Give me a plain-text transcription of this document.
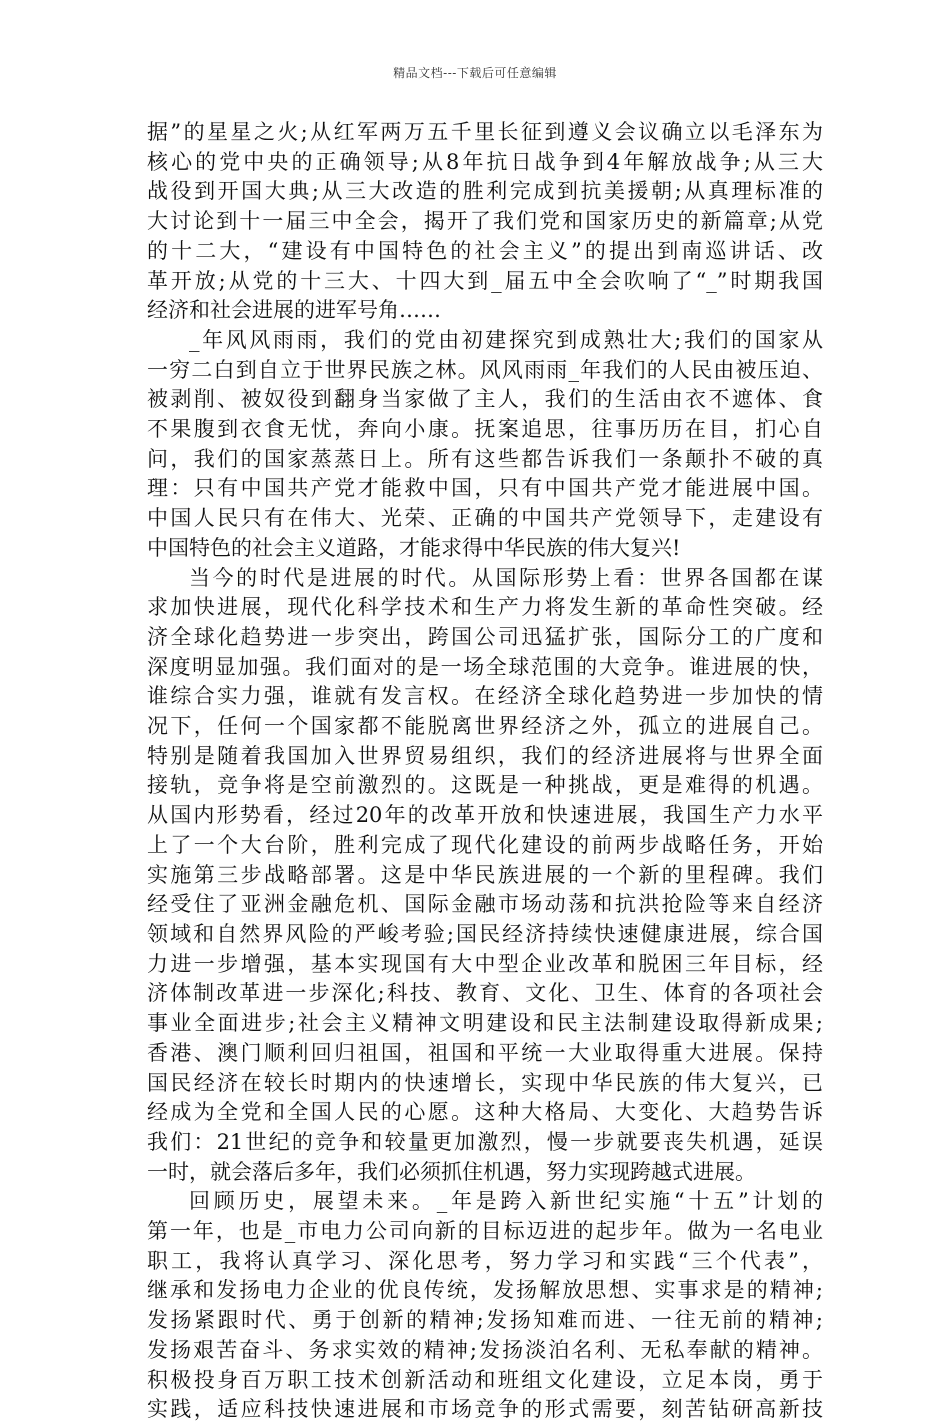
精品文档---下载后可任意编辑
据”的星星之火;从红军两万五千里长征到遵义会议确立以毛泽东为
核心的党中央的正确领导;从8年抗日战争到4年解放战争;从三大
战役到开国大典;从三大改造的胜利完成到抗美援朝;从真理标准的
大讨论到十一届三中全会，揭开了我们党和国家历史的新篇章;从党
的十二大，“建设有中国特色的社会主义”的提出到南巡讲话、改
革开放;从党的十三大、十四大到_届五中全会吹响了“_”时期我国
经济和社会进展的进军号角……
_年风风雨雨，我们的党由初建探究到成熟壮大;我们的国家从
一穷二白到自立于世界民族之林。风风雨雨_年我们的人民由被压迫、
被剥削、被奴役到翻身当家做了主人，我们的生活由衣不遮体、食
不果腹到衣食无忧，奔向小康。抚案追思，往事历历在目，扪心自
问，我们的国家蒸蒸日上。所有这些都告诉我们一条颠扑不破的真
理：只有中国共产党才能救中国，只有中国共产党才能进展中国。
中国人民只有在伟大、光荣、正确的中国共产党领导下，走建设有
中国特色的社会主义道路，才能求得中华民族的伟大复兴!
当今的时代是进展的时代。从国际形势上看：世界各国都在谋
求加快进展，现代化科学技术和生产力将发生新的革命性突破。经
济全球化趋势进一步突出，跨国公司迅猛扩张，国际分工的广度和
深度明显加强。我们面对的是一场全球范围的大竞争。谁进展的快，
谁综合实力强，谁就有发言权。在经济全球化趋势进一步加快的情
况下，任何一个国家都不能脱离世界经济之外，孤立的进展自己。
特别是随着我国加入世界贸易组织，我们的经济进展将与世界全面
接轨，竞争将是空前激烈的。这既是一种挑战，更是难得的机遇。
从国内形势看，经过20年的改革开放和快速进展，我国生产力水平
上了一个大台阶，胜利完成了现代化建设的前两步战略任务，开始
实施第三步战略部署。这是中华民族进展的一个新的里程碑。我们
经受住了亚洲金融危机、国际金融市场动荡和抗洪抢险等来自经济
领域和自然界风险的严峻考验;国民经济持续快速健康进展，综合国
力进一步增强，基本实现国有大中型企业改革和脱困三年目标，经
济体制改革进一步深化;科技、教育、文化、卫生、体育的各项社会
事业全面进步;社会主义精神文明建设和民主法制建设取得新成果;
香港、澳门顺利回归祖国，祖国和平统一大业取得重大进展。保持
国民经济在较长时期内的快速增长，实现中华民族的伟大复兴，已
经成为全党和全国人民的心愿。这种大格局、大变化、大趋势告诉
我们：21世纪的竞争和较量更加激烈，慢一步就要丧失机遇，延误
一时，就会落后多年，我们必须抓住机遇，努力实现跨越式进展。
回顾历史，展望未来。_年是跨入新世纪实施“十五”计划的
第一年，也是_市电力公司向新的目标迈进的起步年。做为一名电业
职工，我将认真学习、深化思考，努力学习和实践“三个代表”，
继承和发扬电力企业的优良传统，发扬解放思想、实事求是的精神;
发扬紧跟时代、勇于创新的精神;发扬知难而进、一往无前的精神;
发扬艰苦奋斗、务求实效的精神;发扬淡泊名利、无私奉献的精神。
积极投身百万职工技术创新活动和班组文化建设，立足本岗，勇于
实践，适应科技快速进展和市场竞争的形式需要，刻苦钻研高新技
